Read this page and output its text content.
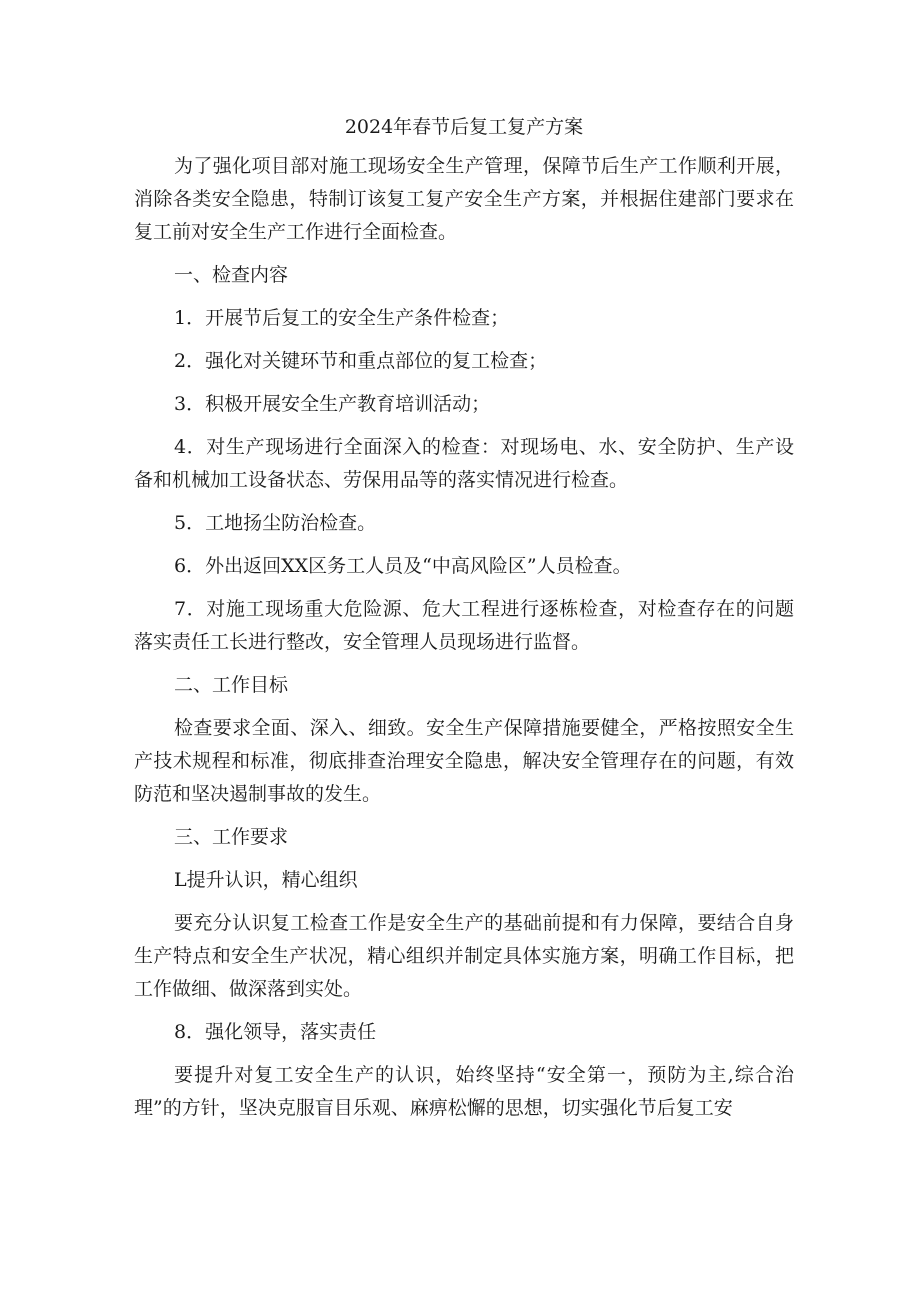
2024年春节后复工复产方案

为了强化项目部对施工现场安全生产管理，保障节后生产工作顺利开展，消除各类安全隐患，特制订该复工复产安全生产方案，并根据住建部门要求在复工前对安全生产工作进行全面检查。

一、检查内容

1．开展节后复工的安全生产条件检查；

2．强化对关键环节和重点部位的复工检查；

3．积极开展安全生产教育培训活动；

4．对生产现场进行全面深入的检查：对现场电、水、安全防护、生产设备和机械加工设备状态、劳保用品等的落实情况进行检查。

5．工地扬尘防治检查。

6．外出返回XX区务工人员及“中高风险区”人员检查。

7．对施工现场重大危险源、危大工程进行逐栋检查，对检查存在的问题落实责任工长进行整改，安全管理人员现场进行监督。

二、工作目标

检查要求全面、深入、细致。安全生产保障措施要健全，严格按照安全生产技术规程和标准，彻底排查治理安全隐患，解决安全管理存在的问题，有效防范和坚决遏制事故的发生。

三、工作要求

L提升认识，精心组织

要充分认识复工检查工作是安全生产的基础前提和有力保障，要结合自身生产特点和安全生产状况，精心组织并制定具体实施方案，明确工作目标，把工作做细、做深落到实处。

8．强化领导，落实责任

要提升对复工安全生产的认识，始终坚持“安全第一，预防为主,综合治理”的方针，坚决克服盲目乐观、麻痹松懈的思想，切实强化节后复工安
